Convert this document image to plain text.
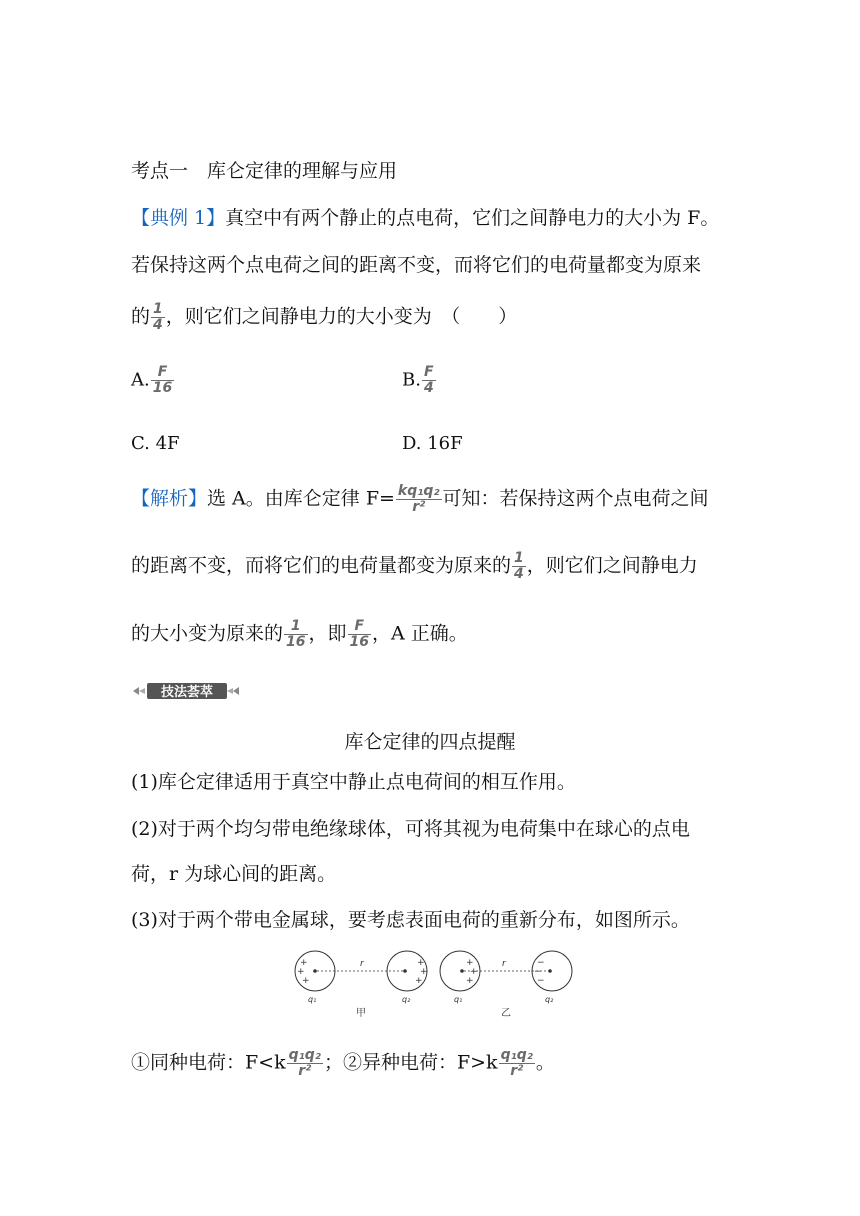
考点一　库仑定律的理解与应用
【典例 1】真空中有两个静止的点电荷，它们之间静电力的大小为 F。
若保持这两个点电荷之间的距离不变，而将它们的电荷量都变为原来
的 $\frac{1}{4}$ ，则它们之间静电力的大小变为　（　　）
A. $\frac{F}{16}$	B. $\frac{F}{4}$
C. 4F	D. 16F
【解析】选 A。由库仑定律 $F= \frac{\text{kq₁q₂}}{\text{r²}}$ 可知：若保持这两个点电荷之间
的距离不变，而将它们的电荷量都变为原来的 $\frac{1}{4}$ ，则它们之间静电力
的大小变为原来的 $\frac{1}{16}$ ，即 $\frac{F}{16}$ ，A 正确。
技法荟萃
库仑定律的四点提醒
(1)库仑定律适用于真空中静止点电荷间的相互作用。
(2)对于两个均匀带电绝缘球体，可将其视为电荷集中在球心的点电
荷，r 为球心间的距离。
(3)对于两个带电金属球，要考虑表面电荷的重新分布，如图所示。
+
+
+
r	+
+
+
q₁	q₂
甲
+
+
+
r	−
−
−
q₁	q₂
乙
①同种电荷：$F<k \frac{\text{q₁q₂}}{\text{r²}}$ ；②异种电荷：$F>k \frac{\text{q₁q₂}}{\text{r²}}$ 。
